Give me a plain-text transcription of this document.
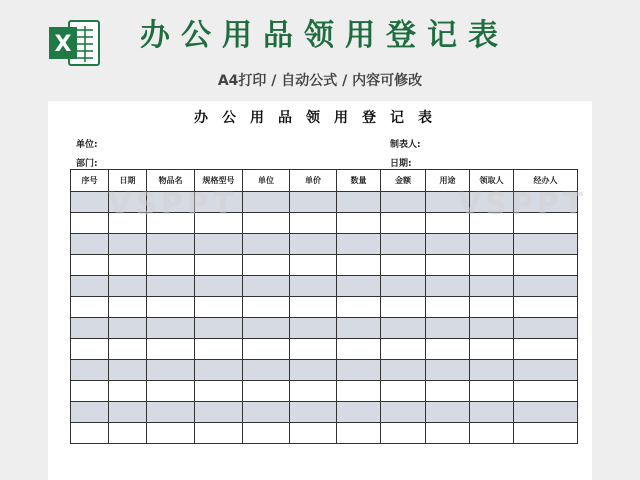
X 办公用品领用登记表
A4打印 / 自动公式 / 内容可修改
办公用品领用登记表
单位:	制表人:
部门:	日期:
序号	日期	物品名	规格型号	单位	单价	数量	金额	用途	领取人	经办人

VSPPT	VSPPT
